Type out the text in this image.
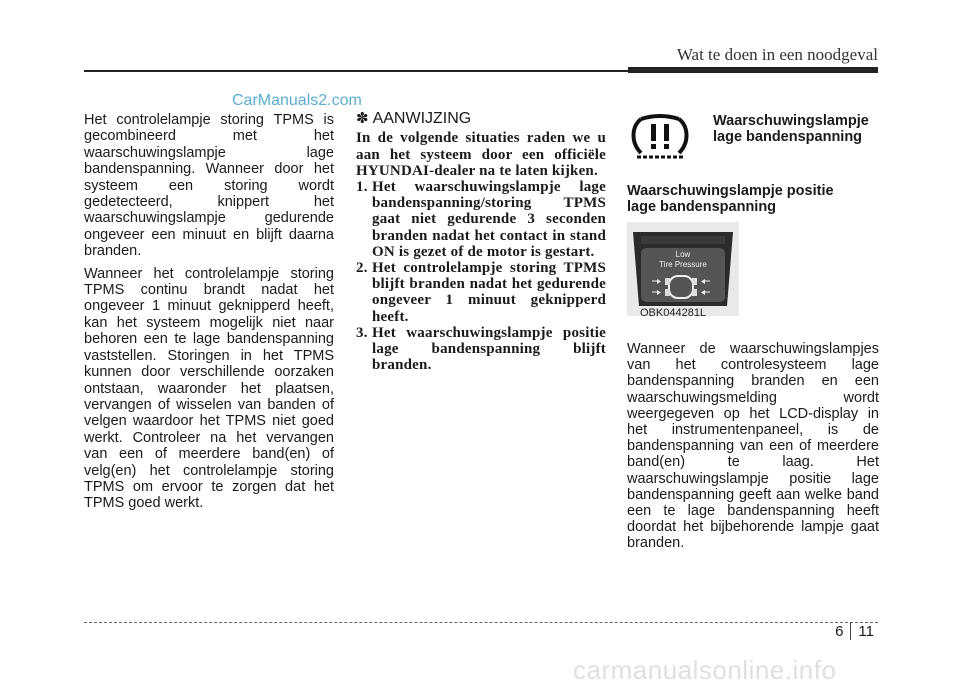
Wat te doen in een noodgeval
CarManuals2.com

Het controlelampje storing TPMS is gecombineerd met het waarschuwingslampje lage bandenspanning. Wanneer door het systeem een storing wordt gedetecteerd, knippert het waarschuwingslampje gedurende ongeveer een minuut en blijft daarna branden.

Wanneer het controlelampje storing TPMS continu brandt nadat het ongeveer 1 minuut geknipperd heeft, kan het systeem mogelijk niet naar behoren een te lage bandenspanning vaststellen. Storingen in het TPMS kunnen door verschillende oorzaken ontstaan, waaronder het plaatsen, vervangen of wisselen van banden of velgen waardoor het TPMS niet goed werkt. Controleer na het vervangen van een of meerdere band(en) of velg(en) het controlelampje storing TPMS om ervoor te zorgen dat het TPMS goed werkt.

✽ AANWIJZING
In de volgende situaties raden we u aan het systeem door een officiële HYUNDAI-dealer na te laten kijken.
1. Het waarschuwingslampje lage bandenspanning/storing TPMS gaat niet gedurende 3 seconden branden nadat het contact in stand ON is gezet of de motor is gestart.
2. Het controlelampje storing TPMS blijft branden nadat het gedurende ongeveer 1 minuut geknipperd heeft.
3. Het waarschuwingslampje positie lage bandenspanning blijft branden.
Waarschuwingslampje
lage bandenspanning
Waarschuwingslampje positie
lage bandenspanning
Low
Tire Pressure
OBK044281L
Wanneer de waarschuwingslampjes van het controlesysteem lage bandenspanning branden en een waarschuwingsmelding wordt weergegeven op het LCD-display in het instrumentenpaneel, is de bandenspanning van een of meerdere band(en) te laag. Het waarschuwingslampje positie lage bandenspanning geeft aan welke band een te lage bandenspanning heeft doordat het bijbehorende lampje gaat branden.
6 11
carmanualsonline.info
